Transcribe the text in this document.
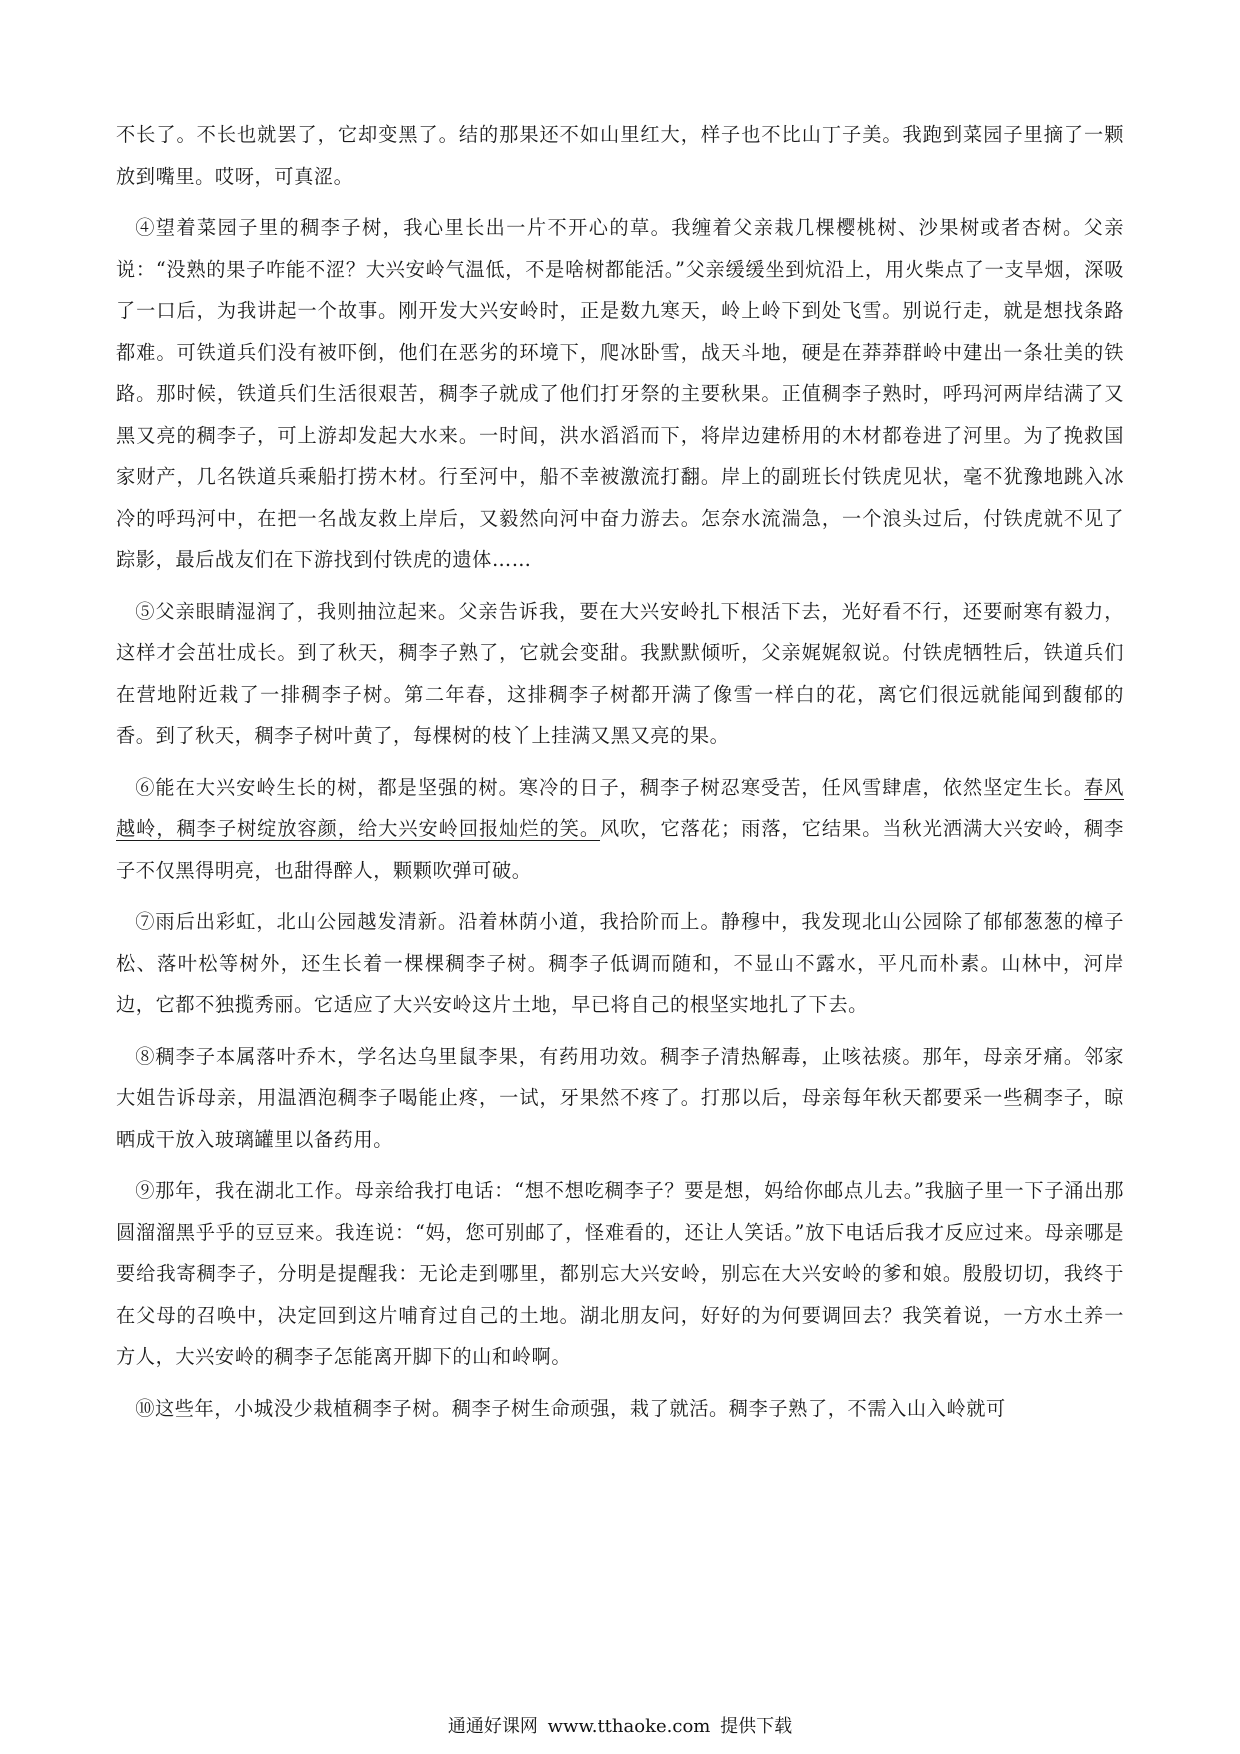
不长了。不长也就罢了，它却变黑了。结的那果还不如山里红大，样子也不比山丁子美。我跑到菜园子里摘了一颗放到嘴里。哎呀，可真涩。

④望着菜园子里的稠李子树，我心里长出一片不开心的草。我缠着父亲栽几棵樱桃树、沙果树或者杏树。父亲说：“没熟的果子咋能不涩？大兴安岭气温低，不是啥树都能活。”父亲缓缓坐到炕沿上，用火柴点了一支旱烟，深吸了一口后，为我讲起一个故事。刚开发大兴安岭时，正是数九寒天，岭上岭下到处飞雪。别说行走，就是想找条路都难。可铁道兵们没有被吓倒，他们在恶劣的环境下，爬冰卧雪，战天斗地，硬是在莽莽群岭中建出一条壮美的铁路。那时候，铁道兵们生活很艰苦，稠李子就成了他们打牙祭的主要秋果。正值稠李子熟时，呼玛河两岸结满了又黑又亮的稠李子，可上游却发起大水来。一时间，洪水滔滔而下，将岸边建桥用的木材都卷进了河里。为了挽救国家财产，几名铁道兵乘船打捞木材。行至河中，船不幸被激流打翻。岸上的副班长付铁虎见状，毫不犹豫地跳入冰冷的呼玛河中，在把一名战友救上岸后，又毅然向河中奋力游去。怎奈水流湍急，一个浪头过后，付铁虎就不见了踪影，最后战友们在下游找到付铁虎的遗体……

⑤父亲眼睛湿润了，我则抽泣起来。父亲告诉我，要在大兴安岭扎下根活下去，光好看不行，还要耐寒有毅力，这样才会茁壮成长。到了秋天，稠李子熟了，它就会变甜。我默默倾听，父亲娓娓叙说。付铁虎牺牲后，铁道兵们在营地附近栽了一排稠李子树。第二年春，这排稠李子树都开满了像雪一样白的花，离它们很远就能闻到馥郁的香。到了秋天，稠李子树叶黄了，每棵树的枝丫上挂满又黑又亮的果。

⑥能在大兴安岭生长的树，都是坚强的树。寒冷的日子，稠李子树忍寒受苦，任风雪肆虐，依然坚定生长。春风越岭，稠李子树绽放容颜，给大兴安岭回报灿烂的笑。风吹，它落花；雨落，它结果。当秋光洒满大兴安岭，稠李子不仅黑得明亮，也甜得醉人，颗颗吹弹可破。

⑦雨后出彩虹，北山公园越发清新。沿着林荫小道，我拾阶而上。静穆中，我发现北山公园除了郁郁葱葱的樟子松、落叶松等树外，还生长着一棵棵稠李子树。稠李子低调而随和，不显山不露水，平凡而朴素。山林中，河岸边，它都不独揽秀丽。它适应了大兴安岭这片土地，早已将自己的根坚实地扎了下去。

⑧稠李子本属落叶乔木，学名达乌里鼠李果，有药用功效。稠李子清热解毒，止咳祛痰。那年，母亲牙痛。邻家大姐告诉母亲，用温酒泡稠李子喝能止疼，一试，牙果然不疼了。打那以后，母亲每年秋天都要采一些稠李子，晾晒成干放入玻璃罐里以备药用。

⑨那年，我在湖北工作。母亲给我打电话：“想不想吃稠李子？要是想，妈给你邮点儿去。”我脑子里一下子涌出那圆溜溜黑乎乎的豆豆来。我连说：“妈，您可别邮了，怪难看的，还让人笑话。”放下电话后我才反应过来。母亲哪是要给我寄稠李子，分明是提醒我：无论走到哪里，都别忘大兴安岭，别忘在大兴安岭的爹和娘。殷殷切切，我终于在父母的召唤中，决定回到这片哺育过自己的土地。湖北朋友问，好好的为何要调回去？我笑着说，一方水土养一方人，大兴安岭的稠李子怎能离开脚下的山和岭啊。

⑩这些年，小城没少栽植稠李子树。稠李子树生命顽强，栽了就活。稠李子熟了，不需入山入岭就可

通通好课网 www.tthaoke.com 提供下载
